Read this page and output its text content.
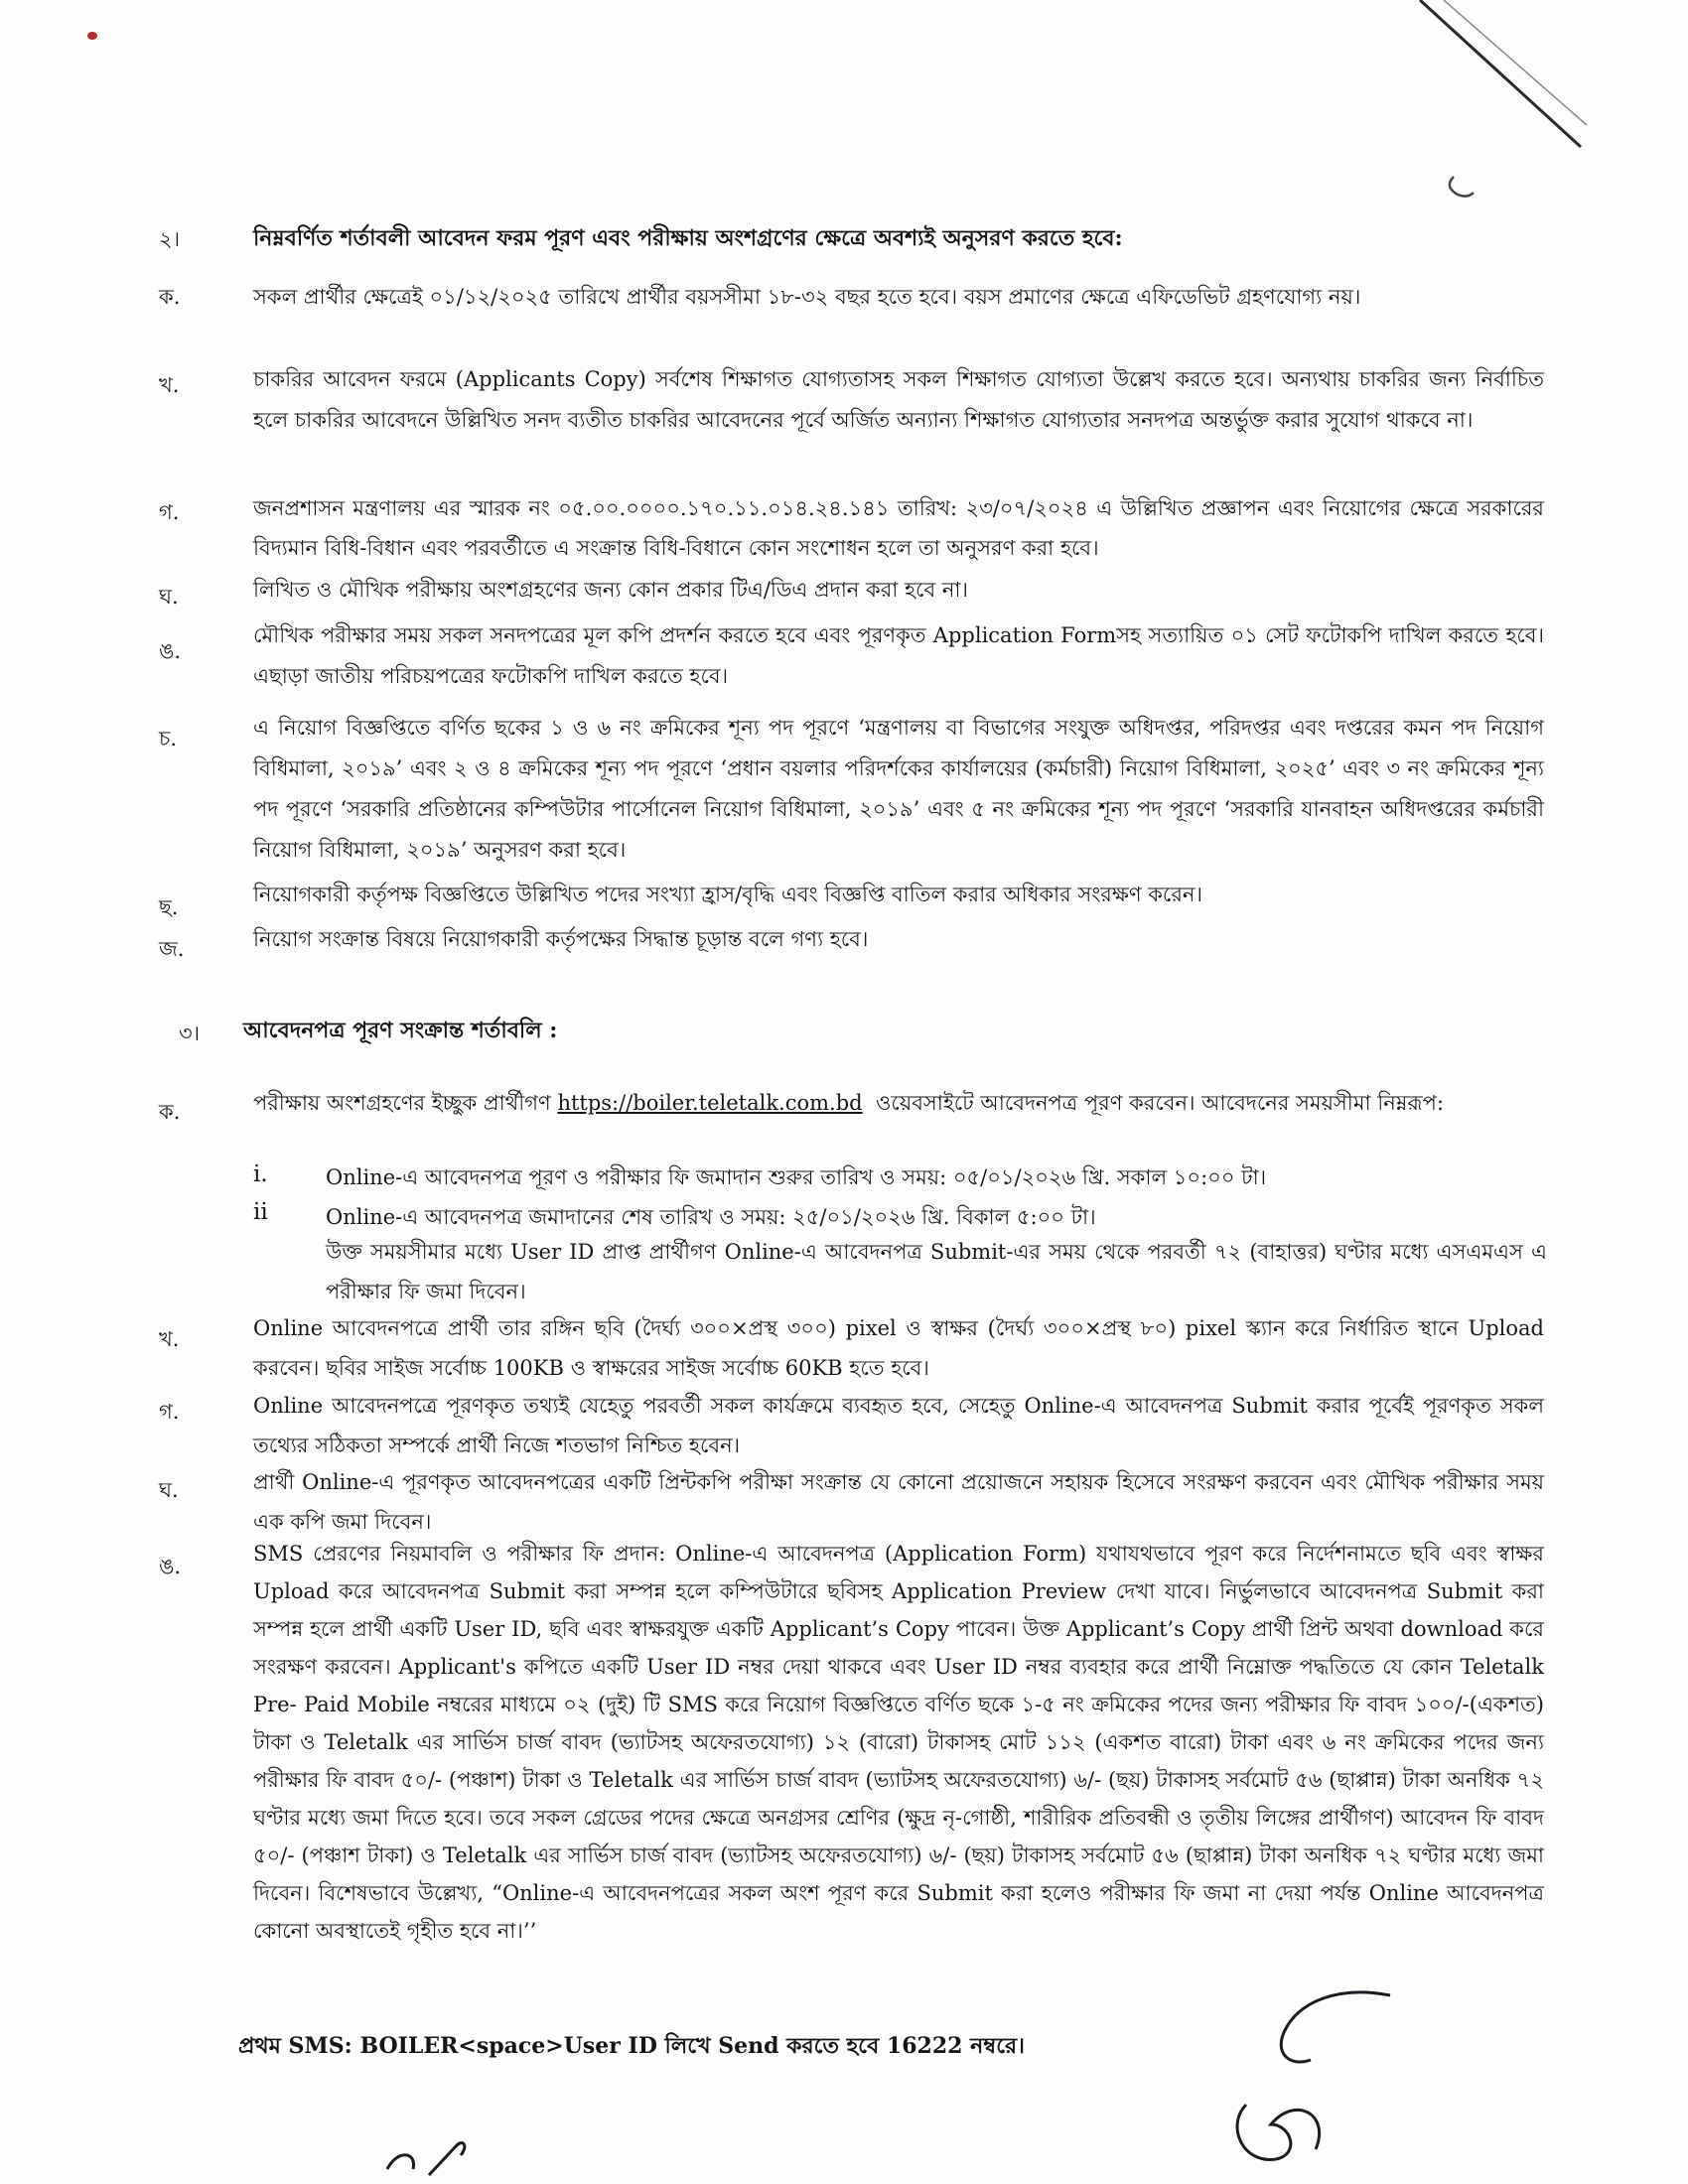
২।	নিম্নবর্ণিত শর্তাবলী আবেদন ফরম পূরণ এবং পরীক্ষায় অংশগ্রণের ক্ষেত্রে অবশ্যই অনুসরণ করতে হবে:
ক.	সকল প্রার্থীর ক্ষেত্রেই ০১/১২/২০২৫ তারিখে প্রার্থীর বয়সসীমা ১৮-৩২ বছর হতে হবে। বয়স প্রমাণের ক্ষেত্রে এফিডেভিট গ্রহণযোগ্য নয়।
খ.	চাকরির আবেদন ফরমে (Applicants Copy) সর্বশেষ শিক্ষাগত যোগ্যতাসহ সকল শিক্ষাগত যোগ্যতা উল্লেখ করতে হবে। অন্যথায় চাকরির জন্য নির্বাচিত হলে চাকরির আবেদনে উল্লিখিত সনদ ব্যতীত চাকরির আবেদনের পূর্বে অর্জিত অন্যান্য শিক্ষাগত যোগ্যতার সনদপত্র অন্তর্ভুক্ত করার সুযোগ থাকবে না।
গ.	জনপ্রশাসন মন্ত্রণালয় এর স্মারক নং ০৫.০০.০০০০.১৭০.১১.০১৪.২৪.১৪১ তারিখ: ২৩/০৭/২০২৪ এ উল্লিখিত প্রজ্ঞাপন এবং নিয়োগের ক্ষেত্রে সরকারের বিদ্যমান বিধি-বিধান এবং পরবর্তীতে এ সংক্রান্ত বিধি-বিধানে কোন সংশোধন হলে তা অনুসরণ করা হবে।
ঘ.	লিখিত ও মৌখিক পরীক্ষায় অংশগ্রহণের জন্য কোন প্রকার টিএ/ডিএ প্রদান করা হবে না।
ঙ.
মৌখিক পরীক্ষার সময় সকল সনদপত্রের মূল কপি প্রদর্শন করতে হবে এবং পূরণকৃত Application Formসহ সত্যায়িত ০১ সেট ফটোকপি দাখিল করতে হবে। এছাড়া জাতীয় পরিচয়পত্রের ফটোকপি দাখিল করতে হবে।
চ.	এ নিয়োগ বিজ্ঞপ্তিতে বর্ণিত ছকের ১ ও ৬ নং ক্রমিকের শূন্য পদ পূরণে ‘মন্ত্রণালয় বা বিভাগের সংযুক্ত অধিদপ্তর, পরিদপ্তর এবং দপ্তরের কমন পদ নিয়োগ বিধিমালা, ২০১৯’ এবং ২ ও ৪ ক্রমিকের শূন্য পদ পূরণে ‘প্রধান বয়লার পরিদর্শকের কার্যালয়ের (কর্মচারী) নিয়োগ বিধিমালা, ২০২৫’ এবং ৩ নং ক্রমিকের শূন্য পদ পূরণে ‘সরকারি প্রতিষ্ঠানের কম্পিউটার পার্সোনেল নিয়োগ বিধিমালা, ২০১৯’ এবং ৫ নং ক্রমিকের শূন্য পদ পূরণে ‘সরকারি যানবাহন অধিদপ্তরের কর্মচারী নিয়োগ বিধিমালা, ২০১৯’ অনুসরণ করা হবে।
ছ.
নিয়োগকারী কর্তৃপক্ষ বিজ্ঞপ্তিতে উল্লিখিত পদের সংখ্যা হ্রাস/বৃদ্ধি এবং বিজ্ঞপ্তি বাতিল করার অধিকার সংরক্ষণ করেন।
জ.	নিয়োগ সংক্রান্ত বিষয়ে নিয়োগকারী কর্তৃপক্ষের সিদ্ধান্ত চূড়ান্ত বলে গণ্য হবে।
৩। আবেদনপত্র পূরণ সংক্রান্ত শর্তাবলি :
ক.	পরীক্ষায় অংশগ্রহণের ইচ্ছুক প্রার্থীগণ https://boiler.teletalk.com.bd ওয়েবসাইটে আবেদনপত্র পূরণ করবেন। আবেদনের সময়সীমা নিম্নরূপ:
i.	Online-এ আবেদনপত্র পূরণ ও পরীক্ষার ফি জমাদান শুরুর তারিখ ও সময়: ০৫/০১/২০২৬ খ্রি. সকাল ১০:০০ টা।
ii	Online-এ আবেদনপত্র জমাদানের শেষ তারিখ ও সময়: ২৫/০১/২০২৬ খ্রি. বিকাল ৫:০০ টা।
উক্ত সময়সীমার মধ্যে User ID প্রাপ্ত প্রার্থীগণ Online-এ আবেদনপত্র Submit-এর সময় থেকে পরবর্তী ৭২ (বাহাত্তর) ঘণ্টার মধ্যে এসএমএস এ পরীক্ষার ফি জমা দিবেন।
খ.	Online আবেদনপত্রে প্রার্থী তার রঙ্গিন ছবি (দৈর্ঘ্য ৩০০×প্রস্থ ৩০০) pixel ও স্বাক্ষর (দৈর্ঘ্য ৩০০×প্রস্থ ৮০) pixel স্ক্যান করে নির্ধারিত স্থানে Upload করবেন। ছবির সাইজ সর্বোচ্চ 100KB ও স্বাক্ষরের সাইজ সর্বোচ্চ 60KB হতে হবে।
গ.	Online আবেদনপত্রে পূরণকৃত তথ্যই যেহেতু পরবর্তী সকল কার্যক্রমে ব্যবহৃত হবে, সেহেতু Online-এ আবেদনপত্র Submit করার পূর্বেই পূরণকৃত সকল তথ্যের সঠিকতা সম্পর্কে প্রার্থী নিজে শতভাগ নিশ্চিত হবেন।
ঘ.	প্রার্থী Online-এ পূরণকৃত আবেদনপত্রের একটি প্রিন্টকপি পরীক্ষা সংক্রান্ত যে কোনো প্রয়োজনে সহায়ক হিসেবে সংরক্ষণ করবেন এবং মৌখিক পরীক্ষার সময় এক কপি জমা দিবেন।
ঙ.
SMS প্রেরণের নিয়মাবলি ও পরীক্ষার ফি প্রদান: Online-এ আবেদনপত্র (Application Form) যথাযথভাবে পূরণ করে নির্দেশনামতে ছবি এবং স্বাক্ষর Upload করে আবেদনপত্র Submit করা সম্পন্ন হলে কম্পিউটারে ছবিসহ Application Preview দেখা যাবে। নির্ভুলভাবে আবেদনপত্র Submit করা সম্পন্ন হলে প্রার্থী একটি User ID, ছবি এবং স্বাক্ষরযুক্ত একটি Applicant’s Copy পাবেন। উক্ত Applicant’s Copy প্রার্থী প্রিন্ট অথবা download করে সংরক্ষণ করবেন। Applicant's কপিতে একটি User ID নম্বর দেয়া থাকবে এবং User ID নম্বর ব্যবহার করে প্রার্থী নিম্নোক্ত পদ্ধতিতে যে কোন Teletalk Pre- Paid Mobile নম্বরের মাধ্যমে ০২ (দুই) টি SMS করে নিয়োগ বিজ্ঞপ্তিতে বর্ণিত ছকে ১-৫ নং ক্রমিকের পদের জন্য পরীক্ষার ফি বাবদ ১০০/-(একশত) টাকা ও Teletalk এর সার্ভিস চার্জ বাবদ (ভ্যাটসহ অফেরতযোগ্য) ১২ (বারো) টাকাসহ মোট ১১২ (একশত বারো) টাকা এবং ৬ নং ক্রমিকের পদের জন্য পরীক্ষার ফি বাবদ ৫০/- (পঞ্চাশ) টাকা ও Teletalk এর সার্ভিস চার্জ বাবদ (ভ্যাটসহ অফেরতযোগ্য) ৬/- (ছয়) টাকাসহ সর্বমোট ৫৬ (ছাপ্পান্ন) টাকা অনধিক ৭২ ঘণ্টার মধ্যে জমা দিতে হবে। তবে সকল গ্রেডের পদের ক্ষেত্রে অনগ্রসর শ্রেণির (ক্ষুদ্র নৃ-গোষ্ঠী, শারীরিক প্রতিবন্ধী ও তৃতীয় লিঙ্গের প্রার্থীগণ) আবেদন ফি বাবদ ৫০/- (পঞ্চাশ টাকা) ও Teletalk এর সার্ভিস চার্জ বাবদ (ভ্যাটসহ অফেরতযোগ্য) ৬/- (ছয়) টাকাসহ সর্বমোট ৫৬ (ছাপ্পান্ন) টাকা অনধিক ৭২ ঘণ্টার মধ্যে জমা দিবেন। বিশেষভাবে উল্লেখ্য, “Online-এ আবেদনপত্রের সকল অংশ পূরণ করে Submit করা হলেও পরীক্ষার ফি জমা না দেয়া পর্যন্ত Online আবেদনপত্র কোনো অবস্থাতেই গৃহীত হবে না।’’
প্রথম SMS: BOILER<space>User ID লিখে Send করতে হবে 16222 নম্বরে।
